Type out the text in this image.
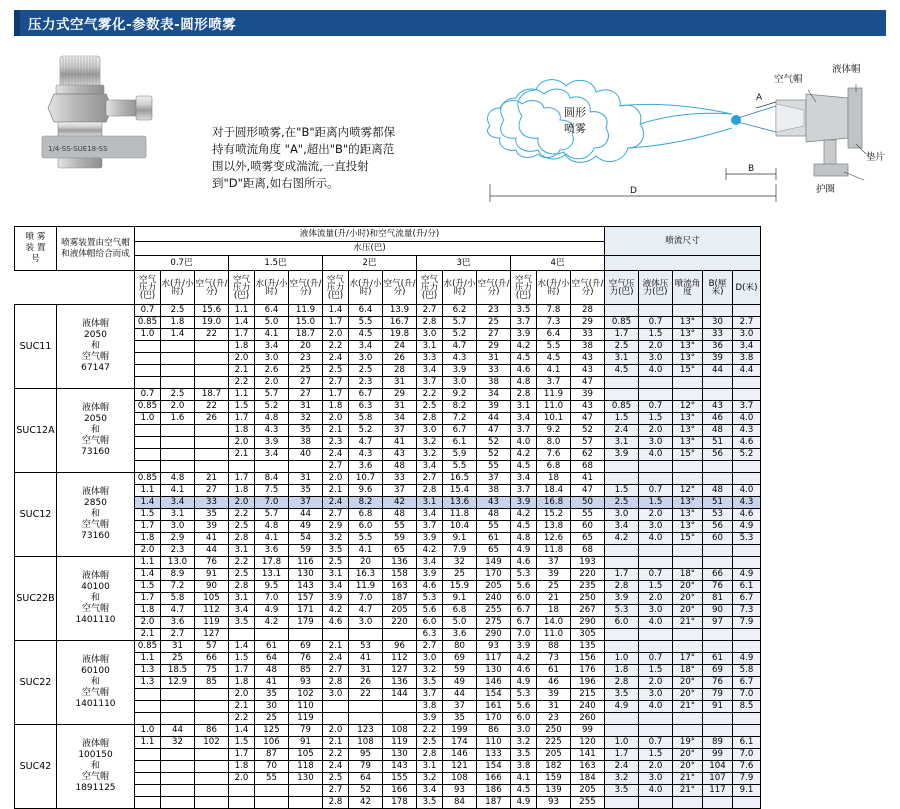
压力式空气雾化-参数表-圆形喷雾
1/4-SS-SUE18-SS
对于圆形喷雾,在"B"距离内喷雾都保持有喷流角度 "A",超出"B"的距离范围以外,喷雾变成湍流,一直投射到"D"距离,如右图所示。
圆形
喷雾
空气帽
液体帽
垫片
护圈
A
B
D
喷 雾
装 置
号	喷雾装置由空气帽和液体帽给合而成	液体流量(升/小时)和空气流量(升/分)															喷流尺寸				
		水压(巴)																			
		0.7巴			1.5巴			2巴			3巴			4巴							
		空气压力(巴)	水(升/小时)	空气(升/分)	空气压力(巴)	水(升/小时)	空气(升/分)	空气压力(巴)	水(升/小时)	空气(升/分)	空气压力(巴)	水(升/小时)	空气(升/分)	空气压力(巴)	水(升/小时)	空气(升/分)	空气压力(巴)	液体压力(巴)	喷流角度	B(厘米)	D(米)
SUC11	液体帽
2050
和
空气帽
67147	0.7	2.5	15.6	1.1	6.4	11.9	1.4	6.4	13.9	2.7	6.2	23	3.5	7.8	28					
		0.85	1.8	19.0	1.4	5.0	15.0	1.7	5.5	16.7	2.8	5.7	25	3.7	7.3	29	0.85	0.7	13°	30	2.7
		1.0	1.4	22	1.7	4.1	18.7	2.0	4.5	19.8	3.0	5.2	27	3.9	6.4	33	1.7	1.5	13°	33	3.0
					1.8	3.4	20	2.2	3.4	24	3.1	4.7	29	4.2	5.5	38	2.5	2.0	13°	36	3.4
					2.0	3.0	23	2.4	3.0	26	3.3	4.3	31	4.5	4.5	43	3.1	3.0	13°	39	3.8
					2.1	2.6	25	2.5	2.5	28	3.4	3.9	33	4.6	4.1	43	4.5	4.0	15°	44	4.4
					2.2	2.0	27	2.7	2.3	31	3.7	3.0	38	4.8	3.7	47					
SUC12A	液体帽
2050
和
空气帽
73160	0.7	2.5	18.7	1.1	5.7	27	1.7	6.7	29	2.2	9.2	34	2.8	11.9	39					
		0.85	2.0	22	1.5	5.2	31	1.8	6.3	31	2.5	8.2	39	3.1	11.0	43	0.85	0.7	12°	43	3.7
		1.0	1.6	26	1.7	4.8	32	2.0	5.8	34	2.8	7.2	44	3.4	10.1	47	1.5	1.5	13°	46	4.0
					1.8	4.3	35	2.1	5.2	37	3.0	6.7	47	3.7	9.2	52	2.4	2.0	13°	48	4.3
					2.0	3.9	38	2.3	4.7	41	3.2	6.1	52	4.0	8.0	57	3.1	3.0	13°	51	4.6
					2.1	3.4	40	2.4	4.3	43	3.2	5.9	52	4.2	7.6	62	3.9	4.0	15°	56	5.2
								2.7	3.6	48	3.4	5.5	55	4.5	6.8	68					
SUC12	液体帽
2850
和
空气帽
73160	0.85	4.8	21	1.7	8.4	31	2.0	10.7	33	2.7	16.5	37	3.4	18	41					
		1.1	4.1	27	1.8	7.5	35	2.1	9.6	37	2.8	15.4	38	3.7	18.4	47	1.5	0.7	12°	48	4.0
		1.4	3.4	33	2.0	7.0	37	2.4	8.2	42	3.1	13.6	43	3.9	16.8	50	2.5	1.5	13°	51	4.3
		1.5	3.1	35	2.2	5.7	44	2.7	6.8	48	3.4	11.8	48	4.2	15.2	55	3.0	2.0	13°	53	4.6
		1.7	3.0	39	2.5	4.8	49	2.9	6.0	55	3.7	10.4	55	4.5	13.8	60	3.4	3.0	13°	56	4.9
		1.8	2.9	41	2.8	4.1	54	3.2	5.5	59	3.9	9.1	61	4.8	12.6	65	4.2	4.0	15°	60	5.3
		2.0	2.3	44	3.1	3.6	59	3.5	4.1	65	4.2	7.9	65	4.9	11.8	68					
SUC22B	液体帽
40100
和
空气帽
1401110	1.1	13.0	76	2.2	17.8	116	2.5	20	136	3.4	32	149	4.6	37	193					
		1.4	8.9	91	2.5	13.1	130	3.1	16.3	158	3.9	25	170	5.3	39	220	1.7	0.7	18°	66	4.9
		1.5	7.2	90	2.8	9.5	143	3.4	11.9	163	4.6	15.9	205	5.6	25	235	2.8	1.5	20°	76	6.1
		1.7	5.8	105	3.1	7.0	157	3.9	7.0	187	5.3	9.1	240	6.0	21	250	3.9	2.0	20°	81	6.7
		1.8	4.7	112	3.4	4.9	171	4.2	4.7	205	5.6	6.8	255	6.7	18	267	5.3	3.0	20°	90	7.3
		2.0	3.6	119	3.5	4.2	179	4.6	3.0	220	6.0	5.0	275	6.7	14.0	290	6.0	4.0	21°	97	7.9
		2.1	2.7	127							6.3	3.6	290	7.0	11.0	305					
SUC22	液体帽
60100
和
空气帽
1401110	0.85	31	57	1.4	61	69	2.1	53	96	2.7	80	93	3.9	88	135					
		1.1	25	66	1.5	64	76	2.4	41	112	3.0	69	117	4.2	73	156	1.0	0.7	17°	61	4.9
		1.3	18.5	75	1.7	48	85	2.7	31	127	3.2	59	130	4.6	61	176	1.8	1.5	18°	69	5.8
		1.3	12.9	85	1.8	41	93	2.8	26	136	3.5	49	146	4.9	46	196	2.8	2.0	20°	76	6.7
					2.0	35	102	3.0	22	144	3.7	44	154	5.3	39	215	3.5	3.0	20°	79	7.0
					2.1	30	110				3.8	37	161	5.6	31	240	4.9	4.0	21°	91	8.5
					2.2	25	119				3.9	35	170	6.0	23	260					
SUC42	液体帽
100150
和
空气帽
1891125	1.0	44	86	1.4	125	79	2.0	123	108	2.2	199	86	3.0	250	99					
		1.1	32	102	1.5	106	91	2.1	108	119	2.5	174	110	3.2	225	120	1.0	0.7	19°	89	6.1
					1.7	87	105	2.2	95	130	2.8	146	133	3.5	205	141	1.7	1.5	20°	99	7.0
					1.8	70	118	2.4	79	143	3.1	121	154	3.8	182	163	2.4	2.0	20°	104	7.6
					2.0	55	130	2.5	64	155	3.2	108	166	4.1	159	184	3.2	3.0	21°	107	7.9
								2.7	52	166	3.4	93	186	4.5	139	205	3.5	4.0	21°	117	9.1
								2.8	42	178	3.5	84	187	4.9	93	255					
